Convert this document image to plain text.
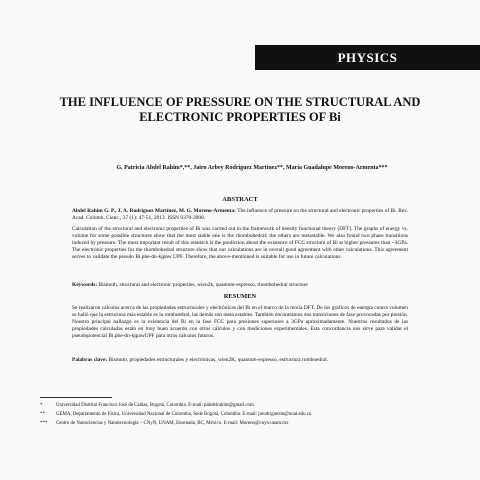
PHYSICS
THE INFLUENCE OF PRESSURE ON THE STRUCTURAL AND
ELECTRONIC PROPERTIES OF Bi
G. Patricia Abdel Rahim*,**, Jairo Arbey Rodríguez Martínez**, María Guadalupe Moreno-Armenta***
ABSTRACT
Abdel Rahim G. P., J. A. Rodríguez Martínez, M. G. Moreno-Armenta: The influence of pressure on the structural and electronic properties of Bi. Rev. Acad. Colomb. Cienc., 37 (1): 47-51, 2013. ISSN 0370-3908.
Calculation of the structural and electronic properties of Bi was carried out in the framework of density functional theory (DFT). The graphs of energy vs. volume for some possible structures show that the most stable one is the rhombohedral; the others are metastable. We also found two phase transitions induced by pressure. The most important result of this research is the prediction about the existence of FCC structure of Bi at higher pressures than ~3GPa. The electronic properties for the rhombohedral structure show that our calculations are in overall good agreement with other calculations. This agreement serves to validate the pseudo Bi.pbe-dn-kjpaw UPF. Therefore, the above-mentioned is suitable for use in future calculations.
Keywords: Bismuth, structural and electronic properties, wien2k, quantum-espresso, rhombohedral structure
RESUMEN
Se realizaron cálculos acerca de las propiedades estructurales y electrónicas del Bi en el marco de la teoría DFT. De los gráficos de energía contra volumen se halló que la estructura más estable es la romboedral, las demás son meta estables. También encontramos dos transiciones de fase provocadas por presión. Nuestro principal hallazgo es la existencia del Bi en la fase FCC para presiones superiores a 3GPa aproximadamente. Nuestros resultados de las propiedades calculadas están en muy buen acuerdo con otros cálculos y con mediciones experimentales. Esta concordancia nos sirve para validar el pseudopotencial Bi.pbe-dn-kjpawUPF para otros cálculos futuros.
Palabras clave: Bismuto, propiedades estructurales y electrónicas, wien2K, quantum-espresso, estructura romboedral.
*	Universidad Distrital Francisco José de Caldas, Bogotá, Colombia. E-mail: pabdelrahim@gmail.com
** GEMA, Departamento de Física, Universidad Nacional de Colombia, Sede Bogotá, Colombia. E-mail: jarodriguezm@unal.edu.co
*** Centro de Nanociencias y Nanotecnología – CNyN, UNAM, Ensenada, BC, México. E-mail: Moreno@cnyn.unam.mx
